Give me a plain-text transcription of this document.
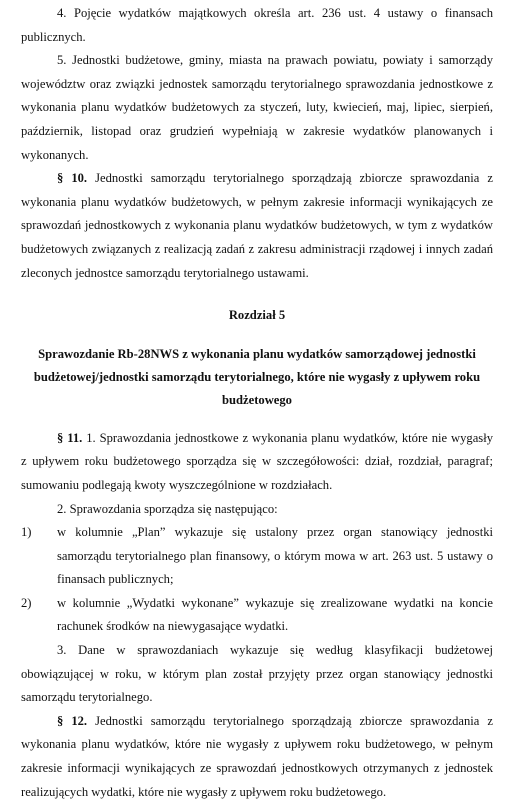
4. Pojęcie wydatków majątkowych określa art. 236 ust. 4 ustawy o finansach publicznych.

5. Jednostki budżetowe, gminy, miasta na prawach powiatu, powiaty i samorządy województw oraz związki jednostek samorządu terytorialnego sprawozdania jednostkowe z wykonania planu wydatków budżetowych za styczeń, luty, kwiecień, maj, lipiec, sierpień, październik, listopad oraz grudzień wypełniają w zakresie wydatków planowanych i wykonanych.

§ 10. Jednostki samorządu terytorialnego sporządzają zbiorcze sprawozdania z wykonania planu wydatków budżetowych, w pełnym zakresie informacji wynikających ze sprawozdań jednostkowych z wykonania planu wydatków budżetowych, w tym z wydatków budżetowych związanych z realizacją zadań z zakresu administracji rządowej i innych zadań zleconych jednostce samorządu terytorialnego ustawami.

Rozdział 5

Sprawozdanie Rb-28NWS z wykonania planu wydatków samorządowej jednostki budżetowej/jednostki samorządu terytorialnego, które nie wygasły z upływem roku budżetowego

§ 11. 1. Sprawozdania jednostkowe z wykonania planu wydatków, które nie wygasły z upływem roku budżetowego sporządza się w szczegółowości: dział, rozdział, paragraf; sumowaniu podlegają kwoty wyszczególnione w rozdziałach.

2. Sprawozdania sporządza się następująco:

1)	w kolumnie „Plan” wykazuje się ustalony przez organ stanowiący jednostki samorządu terytorialnego plan finansowy, o którym mowa w art. 263 ust. 5 ustawy o finansach publicznych;
2)	w kolumnie „Wydatki wykonane” wykazuje się zrealizowane wydatki na koncie rachunek środków na niewygasające wydatki.

3. Dane w sprawozdaniach wykazuje się według klasyfikacji budżetowej obowiązującej w roku, w którym plan został przyjęty przez organ stanowiący jednostki samorządu terytorialnego.

§ 12. Jednostki samorządu terytorialnego sporządzają zbiorcze sprawozdania z wykonania planu wydatków, które nie wygasły z upływem roku budżetowego, w pełnym zakresie informacji wynikających ze sprawozdań jednostkowych otrzymanych z jednostek realizujących wydatki, które nie wygasły z upływem roku budżetowego.
